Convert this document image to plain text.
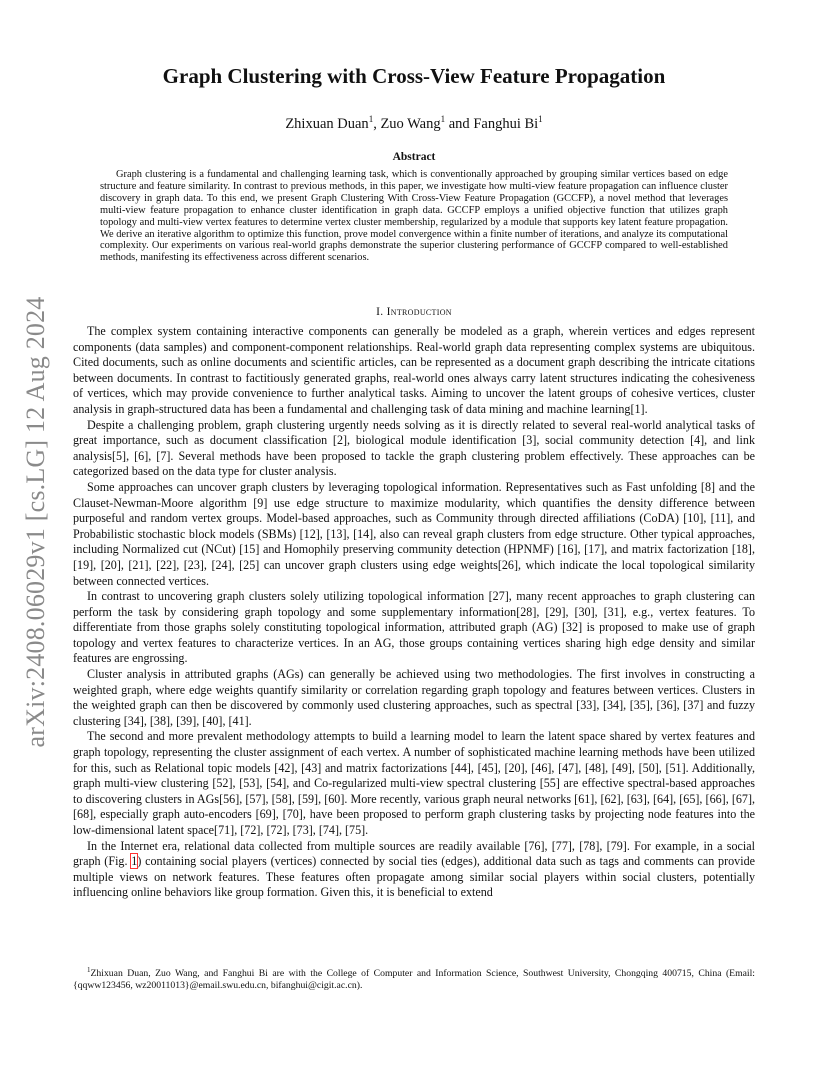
arXiv:2408.06029v1 [cs.LG] 12 Aug 2024
Graph Clustering with Cross-View Feature Propagation
Zhixuan Duan$^1$, Zuo Wang$^1$ and Fanghui Bi$^1$
Abstract

Graph clustering is a fundamental and challenging learning task, which is conventionally approached by grouping similar vertices based on edge structure and feature similarity. In contrast to previous methods, in this paper, we investigate how multi-view feature propagation can influence cluster discovery in graph data. To this end, we present Graph Clustering With Cross-View Feature Propagation (GCCFP), a novel method that leverages multi-view feature propagation to enhance cluster identification in graph data. GCCFP employs a unified objective function that utilizes graph topology and multi-view vertex features to determine vertex cluster membership, regularized by a module that supports key latent feature propagation. We derive an iterative algorithm to optimize this function, prove model convergence within a finite number of iterations, and analyze its computational complexity. Our experiments on various real-world graphs demonstrate the superior clustering performance of GCCFP compared to well-established methods, manifesting its effectiveness across different scenarios.

I. Introduction

The complex system containing interactive components can generally be modeled as a graph, wherein vertices and edges represent components (data samples) and component-component relationships. Real-world graph data representing complex systems are ubiquitous. Cited documents, such as online documents and scientific articles, can be represented as a document graph describing the intricate citations between documents. In contrast to factitiously generated graphs, real-world ones always carry latent structures indicating the cohesiveness of vertices, which may provide convenience to further analytical tasks. Aiming to uncover the latent groups of cohesive vertices, cluster analysis in graph-structured data has been a fundamental and challenging task of data mining and machine learning[1].

Despite a challenging problem, graph clustering urgently needs solving as it is directly related to several real-world analytical tasks of great importance, such as document classification [2], biological module identification [3], social community detection [4], and link analysis[5], [6], [7]. Several methods have been proposed to tackle the graph clustering problem effectively. These approaches can be categorized based on the data type for cluster analysis.

Some approaches can uncover graph clusters by leveraging topological information. Representatives such as Fast unfolding [8] and the Clauset-Newman-Moore algorithm [9] use edge structure to maximize modularity, which quantifies the density difference between purposeful and random vertex groups. Model-based approaches, such as Community through directed affiliations (CoDA) [10], [11], and Probabilistic stochastic block models (SBMs) [12], [13], [14], also can reveal graph clusters from edge structure. Other typical approaches, including Normalized cut (NCut) [15] and Homophily preserving community detection (HPNMF) [16], [17], and matrix factorization [18], [19], [20], [21], [22], [23], [24], [25] can uncover graph clusters using edge weights[26], which indicate the local topological similarity between connected vertices.

In contrast to uncovering graph clusters solely utilizing topological information [27], many recent approaches to graph clustering can perform the task by considering graph topology and some supplementary information[28], [29], [30], [31], e.g., vertex features. To differentiate from those graphs solely constituting topological information, attributed graph (AG) [32] is proposed to make use of graph topology and vertex features to characterize vertices. In an AG, those groups containing vertices sharing high edge density and similar features are engrossing.

Cluster analysis in attributed graphs (AGs) can generally be achieved using two methodologies. The first involves in constructing a weighted graph, where edge weights quantify similarity or correlation regarding graph topology and features between vertices. Clusters in the weighted graph can then be discovered by commonly used clustering approaches, such as spectral [33], [34], [35], [36], [37] and fuzzy clustering [34], [38], [39], [40], [41].

The second and more prevalent methodology attempts to build a learning model to learn the latent space shared by vertex features and graph topology, representing the cluster assignment of each vertex. A number of sophisticated machine learning methods have been utilized for this, such as Relational topic models [42], [43] and matrix factorizations [44], [45], [20], [46], [47], [48], [49], [50], [51]. Additionally, graph multi-view clustering [52], [53], [54], and Co-regularized multi-view spectral clustering [55] are effective spectral-based approaches to discovering clusters in AGs[56], [57], [58], [59], [60]. More recently, various graph neural networks [61], [62], [63], [64], [65], [66], [67], [68], especially graph auto-encoders [69], [70], have been proposed to perform graph clustering tasks by projecting node features into the low-dimensional latent space[71], [72], [72], [73], [74], [75].

In the Internet era, relational data collected from multiple sources are readily available [76], [77], [78], [79]. For example, in a social graph (Fig. 1) containing social players (vertices) connected by social ties (edges), additional data such as tags and comments can provide multiple views on network features. These features often propagate among similar social players within social clusters, potentially influencing online behaviors like group formation. Given this, it is beneficial to extend

$^1$Zhixuan Duan, Zuo Wang, and Fanghui Bi are with the College of Computer and Information Science, Southwest University, Chongqing 400715, China (Email: {qqww123456, wz20011013}@email.swu.edu.cn, bifanghui@cigit.ac.cn).
